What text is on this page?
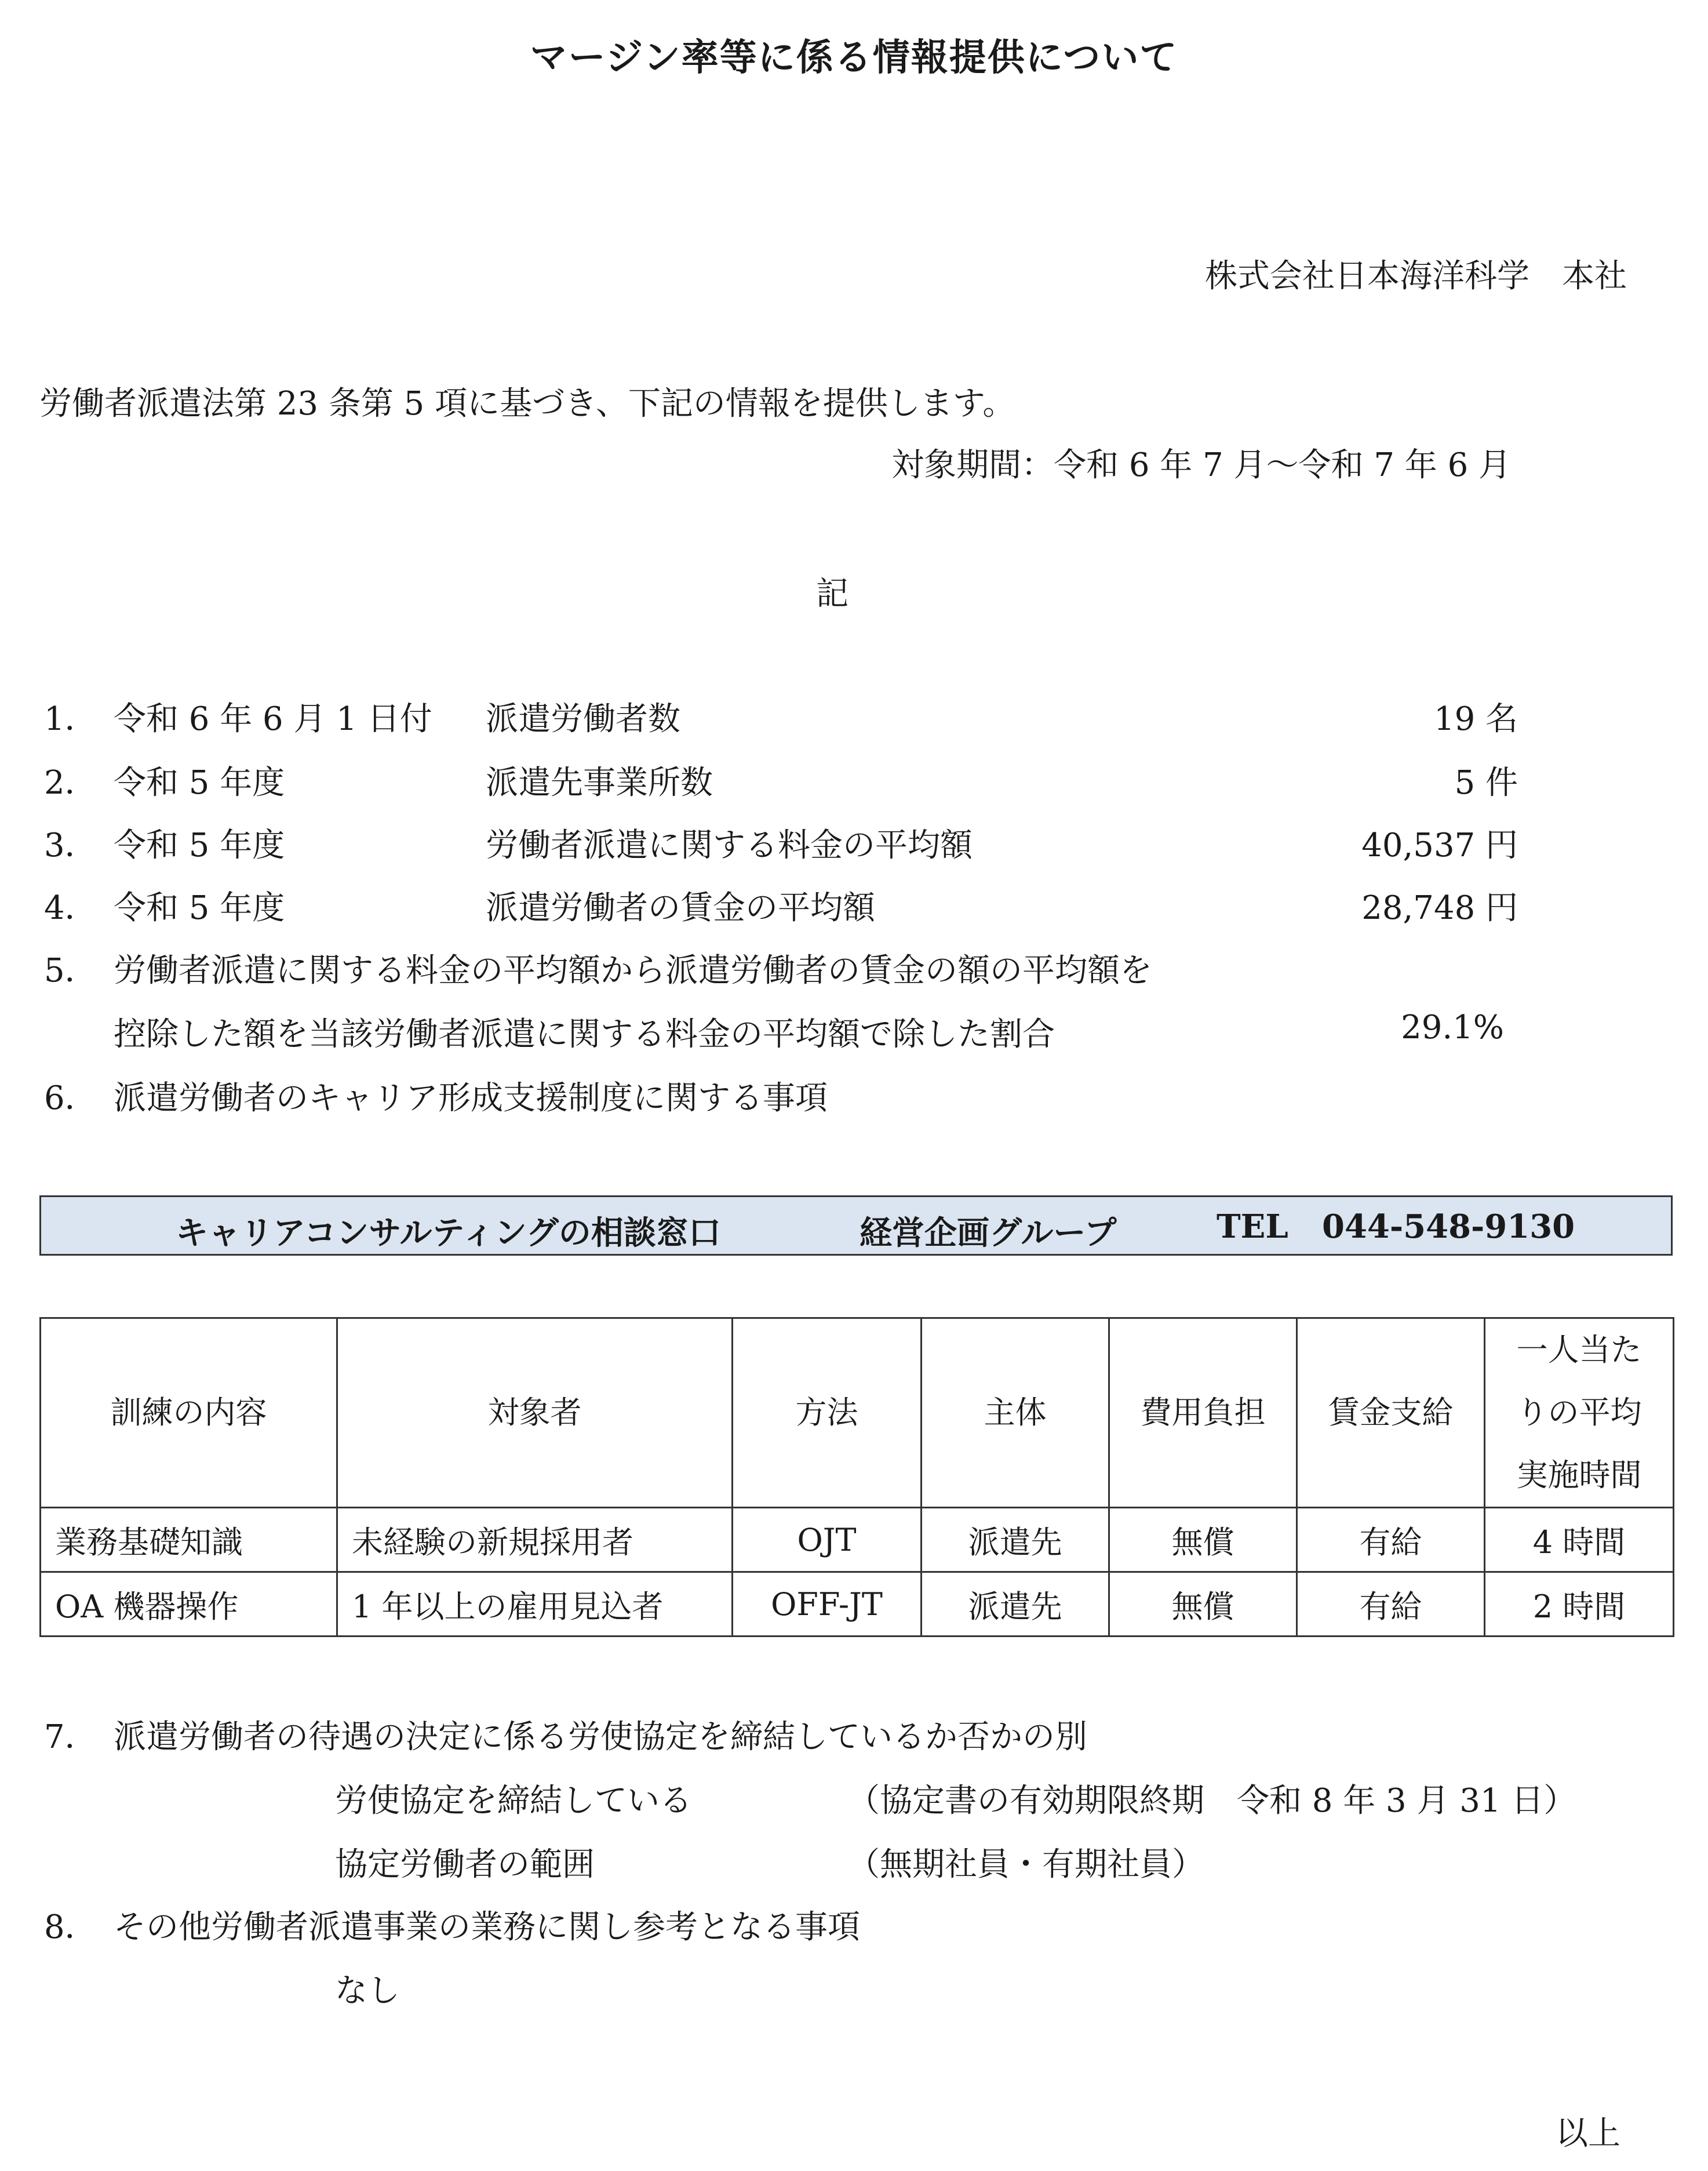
マージン率等に係る情報提供について
株式会社日本海洋科学　本社
労働者派遣法第 23 条第 5 項に基づき、下記の情報を提供します。
対象期間：令和 6 年 7 月～令和 7 年 6 月
記
1． 令和 6 年 6 月 1 日付 派遣労働者数	19 名
2． 令和 5 年度	派遣先事業所数	5 件
3． 令和 5 年度	労働者派遣に関する料金の平均額	40,537 円
4． 令和 5 年度	派遣労働者の賃金の平均額	28,748 円
5． 労働者派遣に関する料金の平均額から派遣労働者の賃金の額の平均額を
控除した額を当該労働者派遣に関する料金の平均額で除した割合	29.1%
6． 派遣労働者のキャリア形成支援制度に関する事項
キャリアコンサルティングの相談窓口	経営企画グループ	TEL 044-548-9130
訓練の内容	対象者	方法	主体	費用負担	賃金支給	一人当た
りの平均
実施時間

業務基礎知識	未経験の新規採用者	OJT	派遣先	無償	有給	4 時間
OA 機器操作	1 年以上の雇用見込者	OFF-JT	派遣先	無償	有給	2 時間
7． 派遣労働者の待遇の決定に係る労使協定を締結しているか否かの別
労使協定を締結している	（協定書の有効期限終期　令和 8 年 3 月 31 日）
協定労働者の範囲	（無期社員・有期社員）
8． その他労働者派遣事業の業務に関し参考となる事項
なし
以上
